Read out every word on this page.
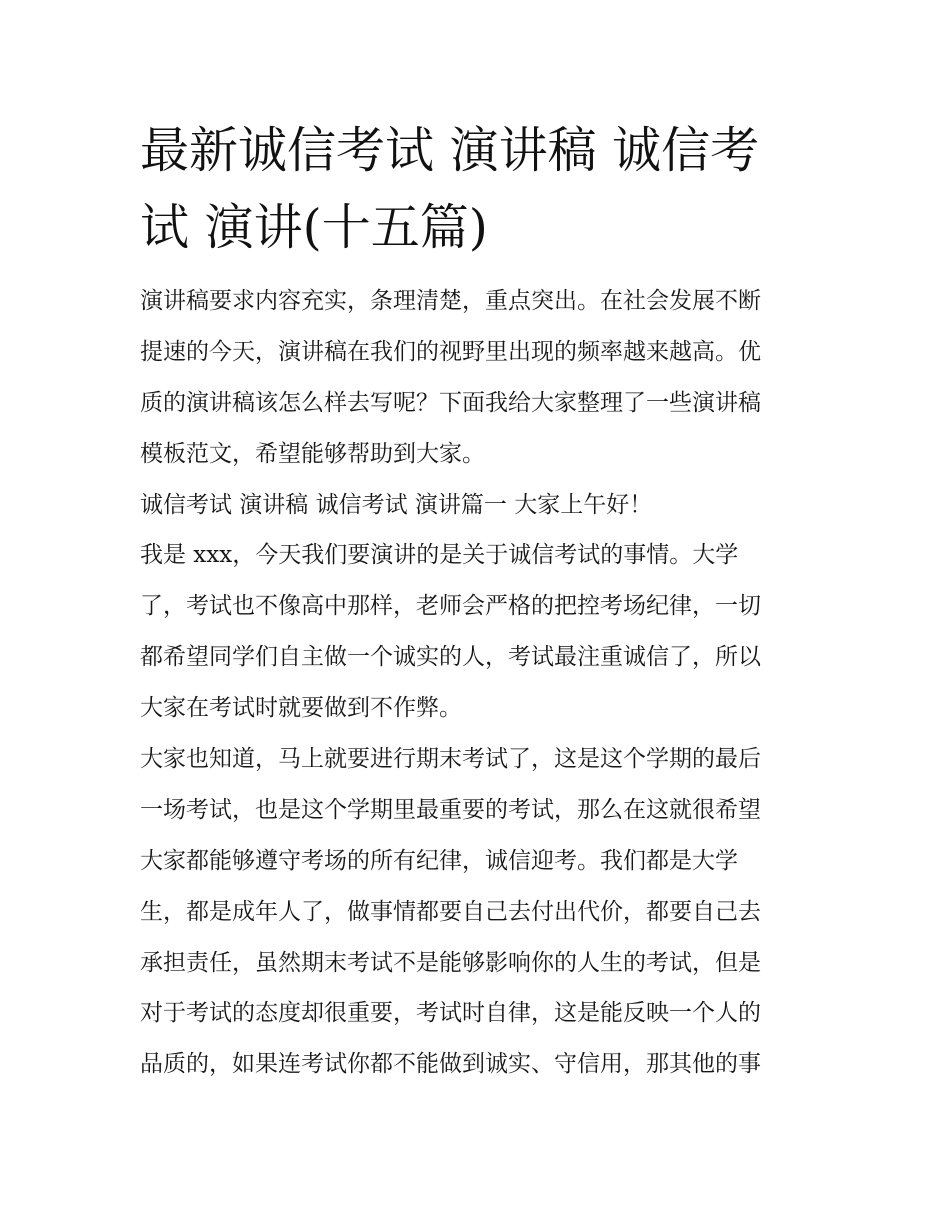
最新诚信考试 演讲稿 诚信考
试 演讲(十五篇)
演讲稿要求内容充实，条理清楚，重点突出。在社会发展不断
提速的今天，演讲稿在我们的视野里出现的频率越来越高。优
质的演讲稿该怎么样去写呢？下面我给大家整理了一些演讲稿
模板范文，希望能够帮助到大家。
诚信考试 演讲稿 诚信考试 演讲篇一 大家上午好！
我是 xxx，今天我们要演讲的是关于诚信考试的事情。大学
了，考试也不像高中那样，老师会严格的把控考场纪律，一切
都希望同学们自主做一个诚实的人，考试最注重诚信了，所以
大家在考试时就要做到不作弊。
大家也知道，马上就要进行期末考试了，这是这个学期的最后
一场考试，也是这个学期里最重要的考试，那么在这就很希望
大家都能够遵守考场的所有纪律，诚信迎考。我们都是大学
生，都是成年人了，做事情都要自己去付出代价，都要自己去
承担责任，虽然期末考试不是能够影响你的人生的考试，但是
对于考试的态度却很重要，考试时自律，这是能反映一个人的
品质的，如果连考试你都不能做到诚实、守信用，那其他的事
